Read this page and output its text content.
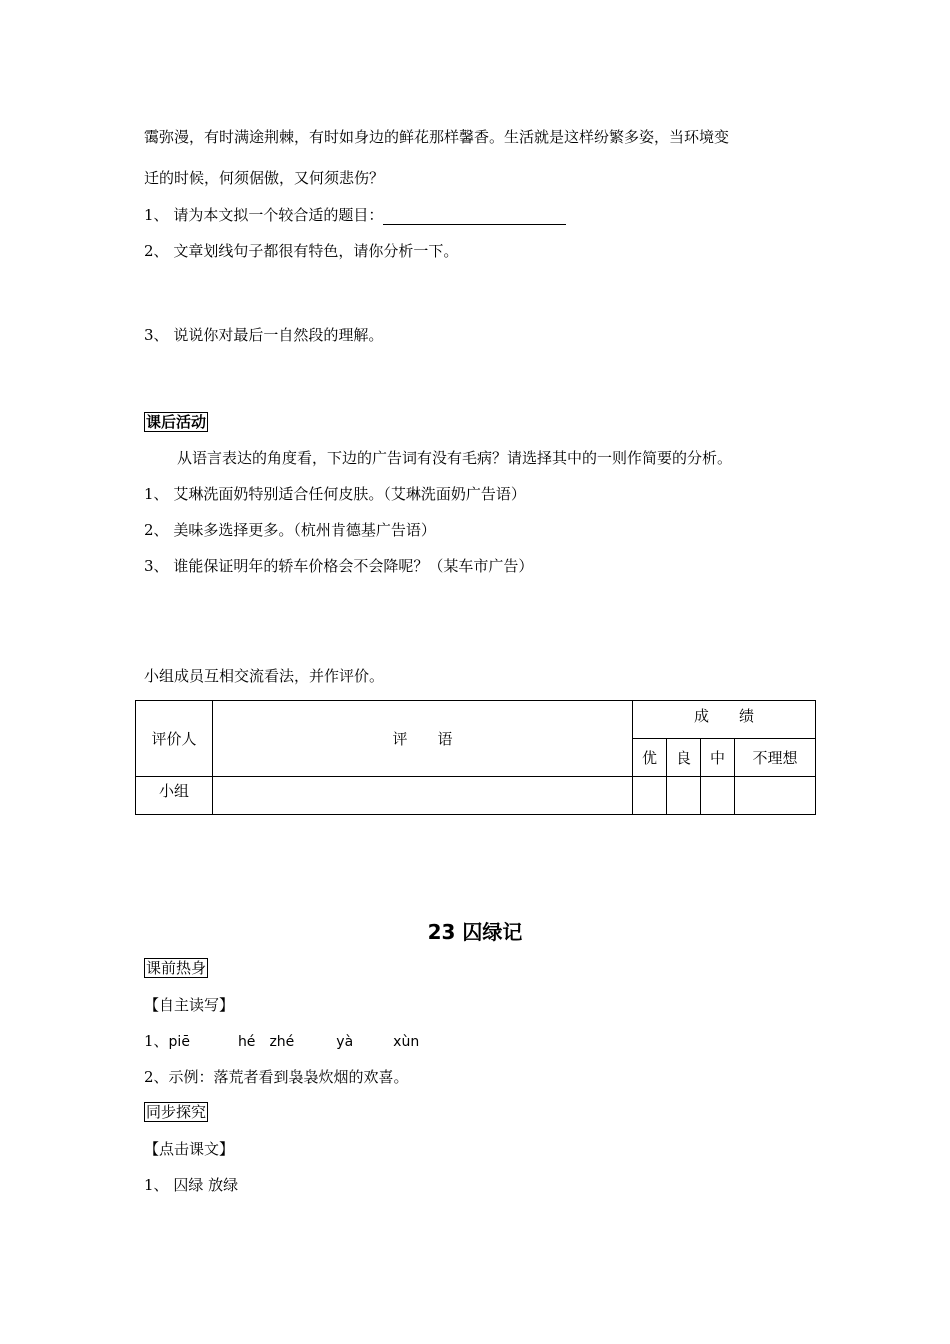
霭弥漫，有时满途荆棘，有时如身边的鲜花那样馨香。生活就是这样纷繁多姿，当环境变
迁的时候，何须倨傲，又何须悲伤？
1、 请为本文拟一个较合适的题目：
2、 文章划线句子都很有特色，请你分析一下。
3、 说说你对最后一自然段的理解。
课后活动
从语言表达的角度看，下边的广告词有没有毛病？请选择其中的一则作简要的分析。
1、 艾琳洗面奶特别适合任何皮肤。（艾琳洗面奶广告语）
2、 美味多选择更多。（杭州肯德基广告语）
3、 谁能保证明年的轿车价格会不会降呢？（某车市广告）
小组成员互相交流看法，并作评价。
评价人	评　　语	成　　绩			
		优	良	中	不理想
小组					
23 囚绿记
课前热身
【自主读写】
1、piē	hé zhé	yà	xùn
2、示例：落荒者看到袅袅炊烟的欢喜。
同步探究
【点击课文】
1、 囚绿 放绿
